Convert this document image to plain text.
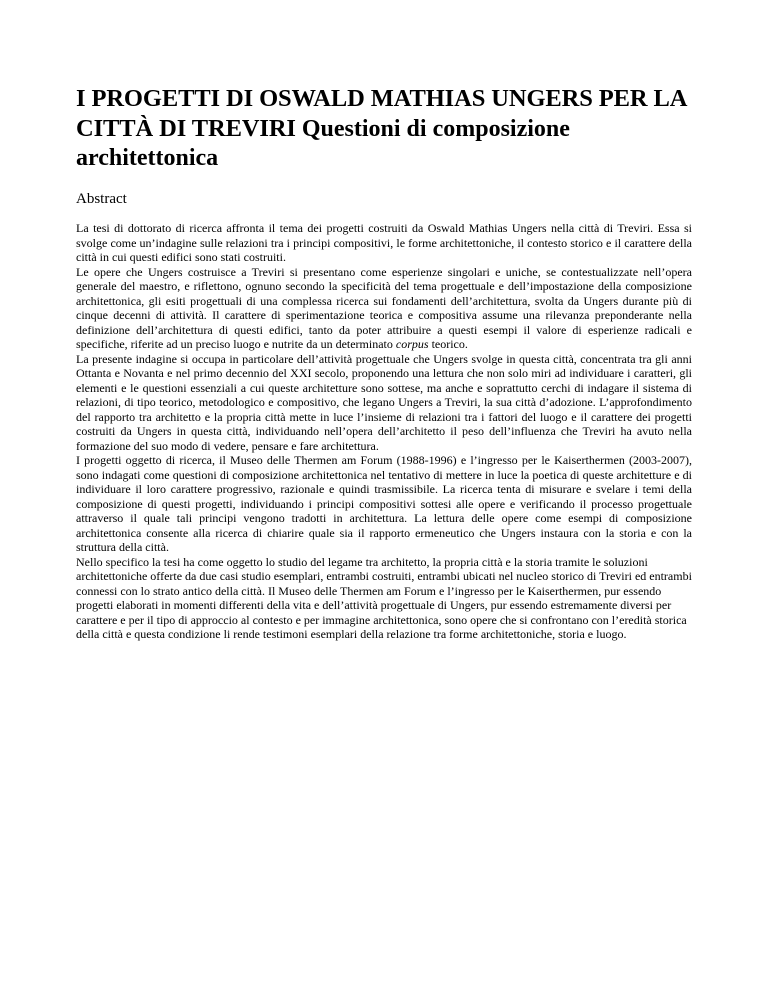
I PROGETTI DI OSWALD MATHIAS UNGERS PER LA CITTÀ DI TREVIRI Questioni di composizione architettonica
Abstract

La tesi di dottorato di ricerca affronta il tema dei progetti costruiti da Oswald Mathias Ungers nella città di Treviri. Essa si svolge come un’indagine sulle relazioni tra i principi compositivi, le forme architettoniche, il contesto storico e il carattere della città in cui questi edifici sono stati costruiti.

Le opere che Ungers costruisce a Treviri si presentano come esperienze singolari e uniche, se contestualizzate nell’opera generale del maestro, e riflettono, ognuno secondo la specificità del tema progettuale e dell’impostazione della composizione architettonica, gli esiti progettuali di una complessa ricerca sui fondamenti dell’architettura, svolta da Ungers durante più di cinque decenni di attività. Il carattere di sperimentazione teorica e compositiva assume una rilevanza preponderante nella definizione dell’architettura di questi edifici, tanto da poter attribuire a questi esempi il valore di esperienze radicali e specifiche, riferite ad un preciso luogo e nutrite da un determinato corpus teorico.

La presente indagine si occupa in particolare dell’attività progettuale che Ungers svolge in questa città, concentrata tra gli anni Ottanta e Novanta e nel primo decennio del XXI secolo, proponendo una lettura che non solo miri ad individuare i caratteri, gli elementi e le questioni essenziali a cui queste architetture sono sottese, ma anche e soprattutto cerchi di indagare il sistema di relazioni, di tipo teorico, metodologico e compositivo, che legano Ungers a Treviri, la sua città d’adozione. L’approfondimento del rapporto tra architetto e la propria città mette in luce l’insieme di relazioni tra i fattori del luogo e il carattere dei progetti costruiti da Ungers in questa città, individuando nell’opera dell’architetto il peso dell’influenza che Treviri ha avuto nella formazione del suo modo di vedere, pensare e fare architettura.

I progetti oggetto di ricerca, il Museo delle Thermen am Forum (1988-1996) e l’ingresso per le Kaiserthermen (2003-2007), sono indagati come questioni di composizione architettonica nel tentativo di mettere in luce la poetica di queste architetture e di individuare il loro carattere progressivo, razionale e quindi trasmissibile. La ricerca tenta di misurare e svelare i temi della composizione di questi progetti, individuando i principi compositivi sottesi alle opere e verificando il processo progettuale attraverso il quale tali principi vengono tradotti in architettura. La lettura delle opere come esempi di composizione architettonica consente alla ricerca di chiarire quale sia il rapporto ermeneutico che Ungers instaura con la storia e con la struttura della città.

Nello specifico la tesi ha come oggetto lo studio del legame tra architetto, la propria città e la storia tramite le soluzioni architettoniche offerte da due casi studio esemplari, entrambi costruiti, entrambi ubicati nel nucleo storico di Treviri ed entrambi connessi con lo strato antico della città. Il Museo delle Thermen am Forum e l’ingresso per le Kaiserthermen, pur essendo progetti elaborati in momenti differenti della vita e dell’attività progettuale di Ungers, pur essendo estremamente diversi per carattere e per il tipo di approccio al contesto e per immagine architettonica, sono opere che si confrontano con l’eredità storica della città e questa condizione li rende testimoni esemplari della relazione tra forme architettoniche, storia e luogo.
